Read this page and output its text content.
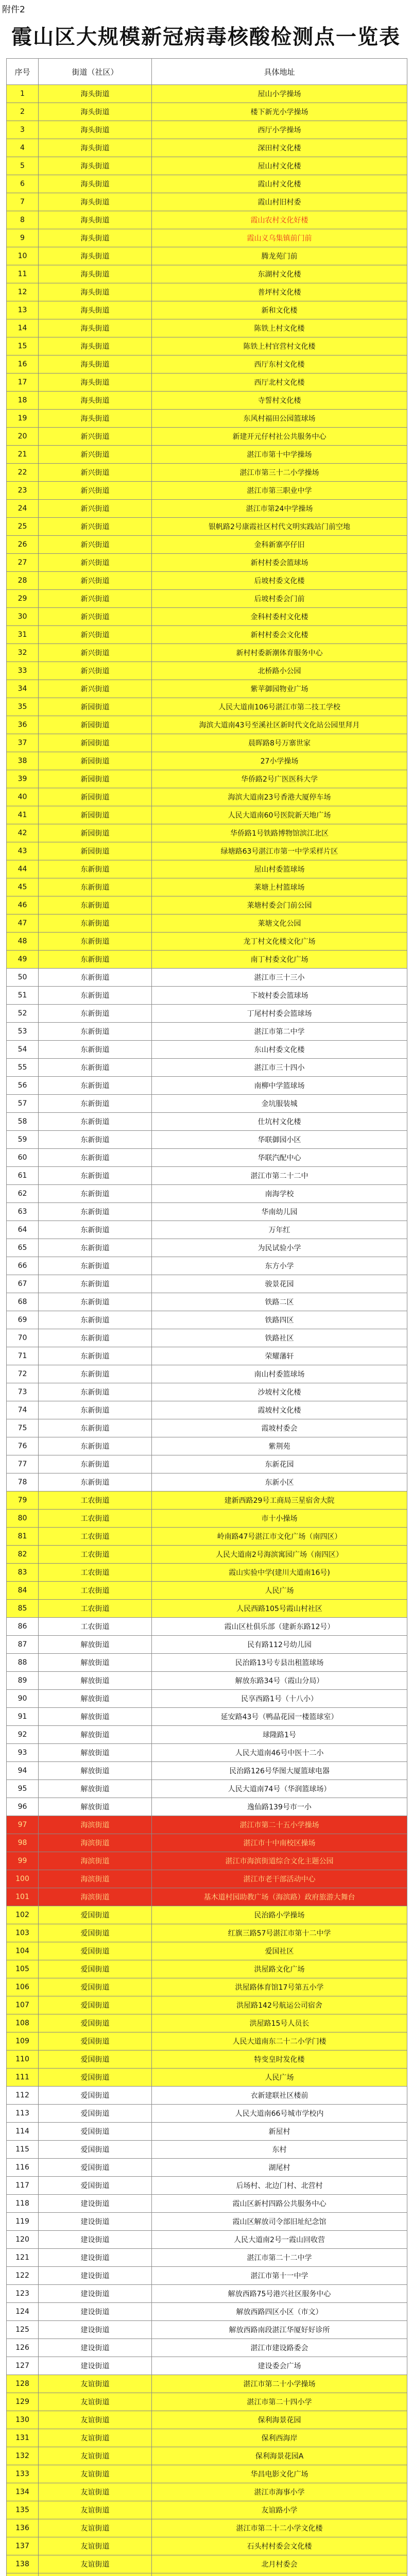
附件2
霞山区大规模新冠病毒核酸检测点一览表
序号	街道（社区）	具体地址
1	海头街道	屋山小学操场
2	海头街道	楼下新光小学操场
3	海头街道	西厅小学操场
4	海头街道	深田村文化楼
5	海头街道	屋山村文化楼
6	海头街道	霞山村文化楼
7	海头街道	霞山村旧村委
8	海头街道	霞山农村文化好楼
9	海头街道	霞山义乌集镇前门前
10	海头街道	腾龙苑门前
11	海头街道	东湖村文化楼
12	海头街道	普坪村文化楼
13	海头街道	新和文化楼
14	海头街道	陈铁上村文化楼
15	海头街道	陈铁上村官营村文化楼
16	海头街道	西厅东村文化楼
17	海头街道	西厅北村文化楼
18	海头街道	寺誓村文化楼
19	海头街道	东风村福田公园篮球场
20	新兴街道	新建开元仔村社公共服务中心
21	新兴街道	湛江市第十中学操场
22	新兴街道	湛江市第三十二小学操场
23	新兴街道	湛江市第三职业中学
24	新兴街道	湛江市第24中学操场
25	新兴街道	银帆路2号康霞社区村代文明实践站门前空地
26	新兴街道	金科新寨亭仔旧
27	新兴街道	新村村委会篮球场
28	新兴街道	后坡村委文化楼
29	新兴街道	后坡村委会门前
30	新兴街道	金科村委村文化楼
31	新兴街道	新村村委会文化楼
32	新兴街道	新村村委新潮体育服务中心
33	新兴街道	北桥路小公园
34	新兴街道	紫苹御园物业广场
35	新园街道	人民大道南106号湛江市第二技工学校
36	新园街道	海滨大道南43号至溪社区新时代文化站公园里拜月
37	新园街道	晨晖路8号万寨世家
38	新园街道	27小学操场
39	新园街道	华侨路2号广医医科大学
40	新园街道	海滨大道南23号香港大厦停车场
41	新园街道	人民大道南60号医院新天地广场
42	新园街道	华侨路1号铁路博物馆滨江北区
43	新园街道	绿塘路63号湛江市第一中学采样片区
44	东新街道	屋山村委篮球场
45	东新街道	莱塘上村篮球场
46	东新街道	莱塘村委会门前公园
47	东新街道	莱塘文化公园
48	东新街道	龙丁村文化楼文化广场
49	东新街道	南丁村委文化广场
50	东新街道	湛江市三十三小
51	东新街道	下坡村委会篮球场
52	东新街道	丁尾村村委会篮球场
53	东新街道	湛江市第二中学
54	东新街道	东山村委文化楼
55	东新街道	湛江市三十四小
56	东新街道	南柳中学篮球场
57	东新街道	金坑服装城
58	东新街道	仕坑村文化楼
59	东新街道	华联御园小区
60	东新街道	华联汽配中心
61	东新街道	湛江市第二十二中
62	东新街道	南海学校
63	东新街道	华南幼儿园
64	东新街道	万年红
65	东新街道	为民试验小学
66	东新街道	东方小学
67	东新街道	骏景花园
68	东新街道	铁路二区
69	东新街道	铁路四区
70	东新街道	铁路社区
71	东新街道	荣耀藩轩
72	东新街道	南山村委篮球场
73	东新街道	沙坡村文化楼
74	东新街道	霞坡村文化楼
75	东新街道	霞坡村委会
76	东新街道	紫荆苑
77	东新街道	东新花园
78	东新街道	东新小区
79	工农街道	建新西路29号工商局三星宿舍大院
80	工农街道	市十小操场
81	工农街道	岭南路47号湛江市文化广场（南四区）
82	工农街道	人民大道南2号海滨寓园广场（南四区）
83	工农街道	霞山实验中学(建川大道南16号)
84	工农街道	人民广场
85	工农街道	人民西路105号霞山村社区
86	工农街道	霞山区杜俱乐部（建新东路12号）
87	解放街道	民有路112号幼儿园
88	解放街道	民治路13号专县出租篮球场
89	解放街道	解放东路34号（霞山分局）
90	解放街道	民享西路1号（十八小）
91	解放街道	延安路43号（鸭晶花园一楼篮球室）
92	解放街道	球隆路1号
93	解放街道	人民大道南46号中医十二小
94	解放街道	民治路126号华图大厦篮球电器
95	解放街道	人民大道南74号（华润篮球场）
96	解放街道	逸仙路139号市一小
97	海滨街道	湛江市第二十五小学操场
98	海滨街道	湛江市十中南校区操场
99	海滨街道	湛江市海滨街道综合文化主题公园
100	海滨街道	湛江市老干部活动中心
101	海滨街道	基木道村园助教广场（海滨路）政府旅游大舞台
102	爱国街道	民治路小学操场
103	爱国街道	红旗三路57号湛江市第十二中学
104	爱国街道	爱国社区
105	爱国街道	洪屋路文化广场
106	爱国街道	洪屋路体育馆17号第五小学
107	爱国街道	洪屋路142号航运公司宿舍
108	爱国街道	洪屋路15号人员长
109	爱国街道	人民大道南东二十二小学门楼
110	爱国街道	特变皇时发化楼
111	爱国街道	人民广场
112	爱国街道	衣新建联社区楼前
113	爱国街道	人民大道南66号城市学校内
114	爱国街道	新屋村
115	爱国街道	东村
116	爱国街道	湖尾村
117	爱国街道	后场村、北边门村、北营村
118	建设街道	霞山区新村四路公共服务中心
119	建设街道	霞山区解放司令部旧址纪念馆
120	建设街道	人民大道南2号一霞山回收营
121	建设街道	湛江市第二十二中学
122	建设街道	湛江市第十一中学
123	建设街道	解放西路75号港兴社区服务中心
124	建设街道	解放西路四区小区（市文）
125	建设街道	解放西路南段湛江华厦好好诊所
126	建设街道	湛江市建设路委会
127	建设街道	建设委会广场
128	友谊街道	湛江市第二十小学操场
129	友谊街道	湛江市第二十四小学
130	友谊街道	保利海景花园
131	友谊街道	保利西海岸
132	友谊街道	保利海景花园A
133	友谊街道	华昌电影文化广场
134	友谊街道	湛江市海事小学
135	友谊街道	友谊路小学
136	友谊街道	湛江市第二十二小学文化楼
137	友谊街道	石头村村委会文化楼
138	友谊街道	北月村委会
